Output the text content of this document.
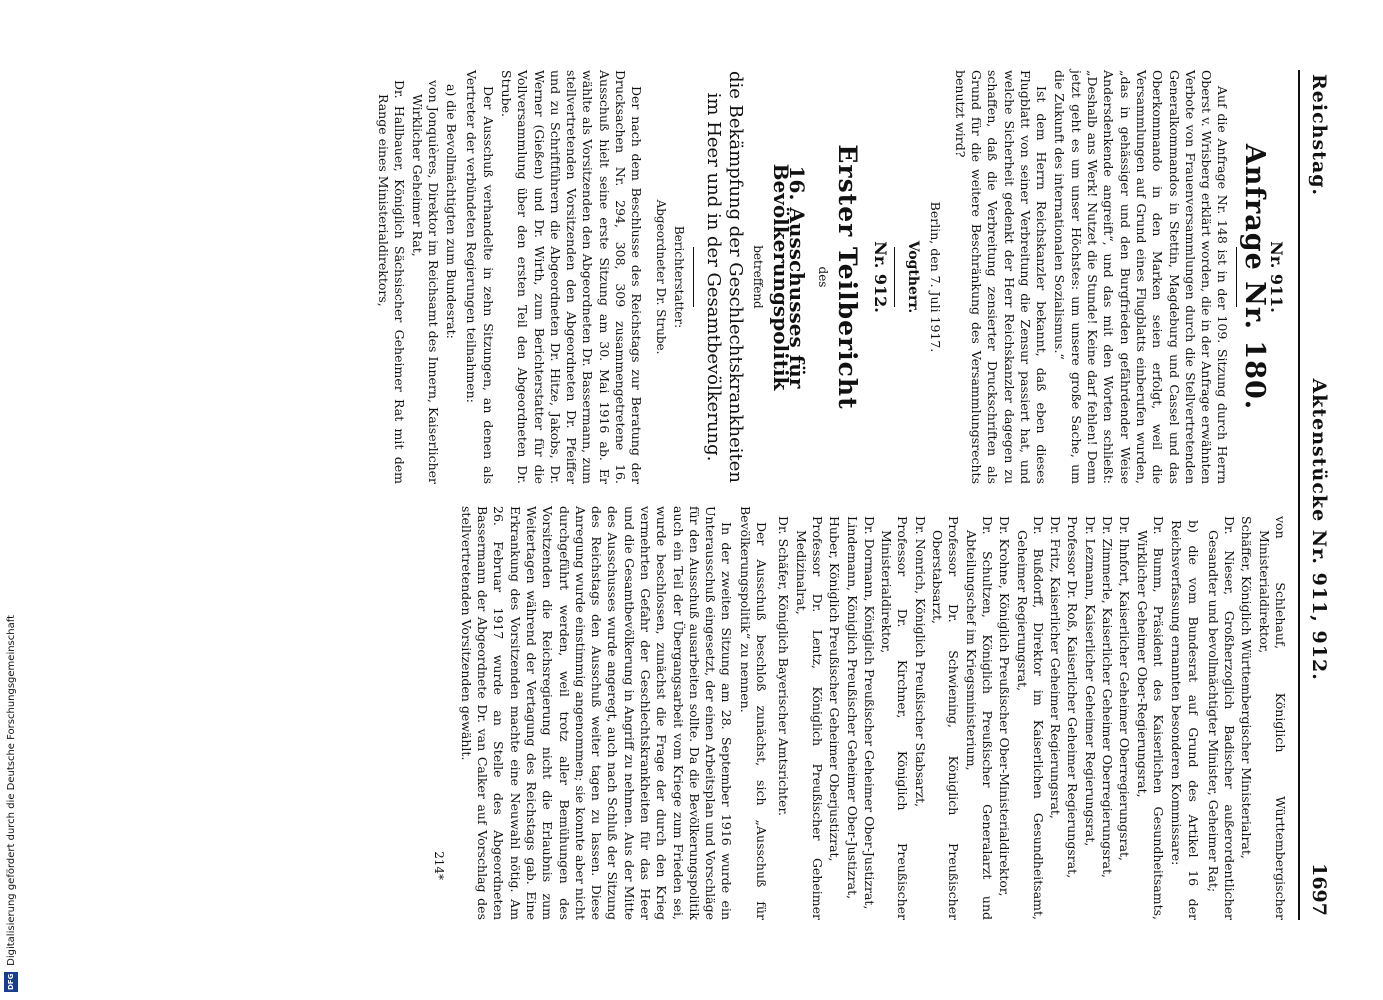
Digitalisierung gefördert durch die Deutsche Forschungsgemeinschaft
DFG
Reichstag.
Aktenstücke Nr. 911, 912.
1697
Nr. 911.
Anfrage Nr. 180.

Auf die Anfrage Nr. 148 ist in der 109. Sitzung durch Herrn Oberst v. Wrisberg erklärt worden, die in der Anfrage erwähnten Verbote von Frauenversammlungen durch die Stellvertretenden Generalkommandos in Stettin, Magdeburg und Cassel und das Oberkommando in den Marken seien erfolgt, weil die Versammlungen auf Grund eines Flugblatts einberufen wurden, „das in gehässiger und den Burgfrieden gefährdender Weise Andersdenkende angreift“, und das mit den Worten schließt: „Deshalb ans Werk! Nutzet die Stunde! Keine darf fehlen! Denn jetzt geht es um unser Höchstes: um unsere große Sache, um die Zukunft des internationalen Sozialismus.“

Ist dem Herrn Reichskanzler bekannt, daß eben dieses Flugblatt von seiner Verbreitung die Zensur passiert hat, und welche Sicherheit gedenkt der Herr Reichskanzler dagegen zu schaffen, daß die Verbreitung zensierter Druckschriften als Grund für die weitere Beschränkung des Versammlungsrechts benutzt wird?

Berlin, den 7. Juli 1917.
Vogtherr.
Nr. 912.
Erster Teilbericht
des
16. Ausschusses für Bevölkerungspolitik
betreffend
die Bekämpfung der Geschlechtskrankheiten im Heer und in der Gesamtbevölkerung.
Berichterstatter:
Abgeordneter Dr. Strube.

Der nach dem Beschlusse des Reichstags zur Beratung der Drucksachen Nr. 294, 308, 309 zusammengetretene 16. Ausschuß hielt seine erste Sitzung am 30. Mai 1916 ab. Er wählte als Vorsitzenden den Abgeordneten Dr. Bassermann, zum stellvertretenden Vorsitzenden den Abgeordneten Dr. Pfeiffer und zu Schriftführern die Abgeordneten Dr. Hitze, Jakobs, Dr. Werner (Gießen) und Dr. Wirth, zum Berichterstatter für die Vollversammlung über den ersten Teil den Abgeordneten Dr. Strube.

Der Ausschuß verhandelte in zehn Sitzungen, an denen als Vertreter der verbündeten Regierungen teilnahmen:

a) die Bevollmächtigten zum Bundesrat:
von Jonquières, Direktor im Reichsamt des Innern, Kaiserlicher Wirklicher Geheimer Rat,
Dr. Hallbauer, Königlich Sächsischer Geheimer Rat mit dem Range eines Ministerialdirektors,
von Schlehauf, Königlich Württembergischer Ministerialdirektor,
Schäffer, Königlich Württembergischer Ministerialrat,
Dr. Nieser, Großherzoglich Badischer außerordentlicher Gesandter und bevollmächtigter Minister, Geheimer Rat;
b) die vom Bundesrat auf Grund des Artikel 16 der Reichsverfassung ernannten besonderen Kommissare:
Dr. Bumm, Präsident des Kaiserlichen Gesundheitsamts, Wirklicher Geheimer Ober-Regierungsrat,
Dr. Ihnfort, Kaiserlicher Geheimer Oberregierungsrat,
Dr. Zimmerle, Kaiserlicher Geheimer Oberregierungsrat,
Dr. Lezmann, Kaiserlicher Geheimer Regierungsrat,
Professor Dr. Roß, Kaiserlicher Geheimer Regierungsrat,
Dr. Fritz, Kaiserlicher Geheimer Regierungsrat,
Dr. Bußdorff, Direktor im Kaiserlichen Gesundheitsamt, Geheimer Regierungsrat,
Dr. Krohne, Königlich Preußischer Ober-Ministerialdirektor,
Dr. Schultzen, Königlich Preußischer Generalarzt und Abteilungschef im Kriegsministerium,
Professor Dr. Schwiening, Königlich Preußischer Oberstabsarzt,
Dr. Nonrich, Königlich Preußischer Stabsarzt,
Professor Dr. Kirchner, Königlich Preußischer Ministerialdirektor,
Dr. Dormann, Königlich Preußischer Geheimer Ober-Justizrat,
Lindemann, Königlich Preußischer Geheimer Ober-Justizrat,
Huber, Königlich Preußischer Geheimer Oberjustizrat,
Professor Dr. Lentz, Königlich Preußischer Geheimer Medizinalrat,
Dr. Schäfer, Königlich Bayerischer Amtsrichter.

Der Ausschuß beschloß zunächst, sich „Ausschuß für Bevölkerungspolitik“ zu nennen.

In der zweiten Sitzung am 28. September 1916 wurde ein Unterausschuß eingesetzt, der einen Arbeitsplan und Vorschläge für den Ausschuß ausarbeiten sollte. Da die Bevölkerungspolitik auch ein Teil der Übergangsarbeit vom Kriege zum Frieden sei, wurde beschlossen, zunächst die Frage der durch den Krieg vermehrten Gefahr der Geschlechtskrankheiten für das Heer und die Gesamtbevölkerung in Angriff zu nehmen. Aus der Mitte des Ausschusses wurde angeregt, auch nach Schluß der Sitzung des Reichstags den Ausschuß weiter tagen zu lassen. Diese Anregung wurde einstimmig angenommen; sie konnte aber nicht durchgeführt werden, weil trotz aller Bemühungen des Vorsitzenden die Reichsregierung nicht die Erlaubnis zum Weitertagen während der Vertagung des Reichstags gab. Eine Erkrankung des Vorsitzenden machte eine Neuwahl nötig. Am 26. Februar 1917 wurde an Stelle des Abgeordneten Bassermann der Abgeordnete Dr. van Calker auf Vorschlag des stellvertretenden Vorsitzenden gewählt.

214*
